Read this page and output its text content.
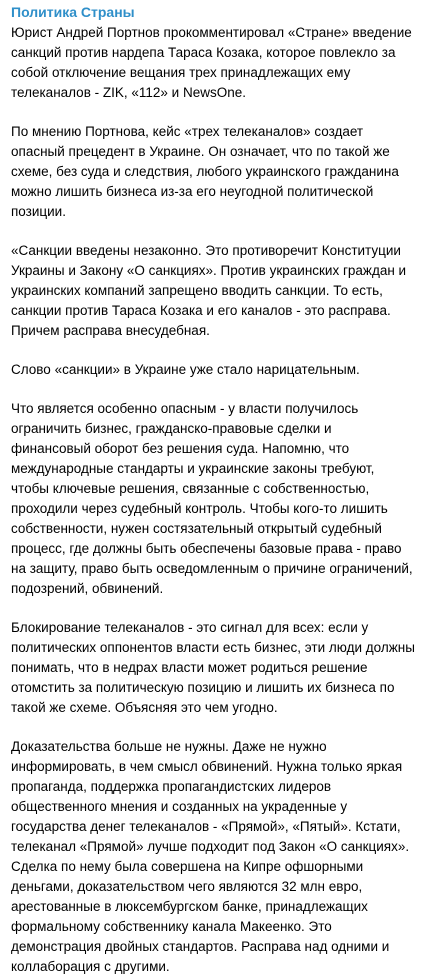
Политика Страны

Юрист Андрей Портнов прокомментировал «Стране» введение санкций против нардепа Тараса Козака, которое повлекло за собой отключение вещания трех принадлежащих ему телеканалов - ZIK, «112» и NewsOne.

По мнению Портнова, кейс «трех телеканалов» создает опасный прецедент в Украине. Он означает, что по такой же схеме, без суда и следствия, любого украинского гражданина можно лишить бизнеса из-за его неугодной политической позиции.

«Санкции введены незаконно. Это противоречит Конституции Украины и Закону «О санкциях». Против украинских граждан и украинских компаний запрещено вводить санкции. То есть, санкции против Тараса Козака и его каналов - это расправа. Причем расправа внесудебная.

Слово «санкции» в Украине уже стало нарицательным.

Что является особенно опасным - у власти получилось ограничить бизнес, гражданско-правовые сделки и финансовый оборот без решения суда. Напомню, что международные стандарты и украинские законы требуют, чтобы ключевые решения, связанные с собственностью, проходили через судебный контроль. Чтобы кого-то лишить собственности, нужен состязательный открытый судебный процесс, где должны быть обеспечены базовые права - право на защиту, право быть осведомленным о причине ограничений, подозрений, обвинений.

Блокирование телеканалов - это сигнал для всех: если у политических оппонентов власти есть бизнес, эти люди должны понимать, что в недрах власти может родиться решение отомстить за политическую позицию и лишить их бизнеса по такой же схеме. Объясняя это чем угодно.

Доказательства больше не нужны. Даже не нужно информировать, в чем смысл обвинений. Нужна только яркая пропаганда, поддержка пропагандистских лидеров общественного мнения и созданных на украденные у государства денег телеканалов - «Прямой», «Пятый». Кстати, телеканал «Прямой» лучше подходит под Закон «О санкциях». Сделка по нему была совершена на Кипре офшорными деньгами, доказательством чего являются 32 млн евро, арестованные в люксембургском банке, принадлежащих формальному собственнику канала Макеенко. Это демонстрация двойных стандартов. Расправа над одними и коллаборация с другими.
